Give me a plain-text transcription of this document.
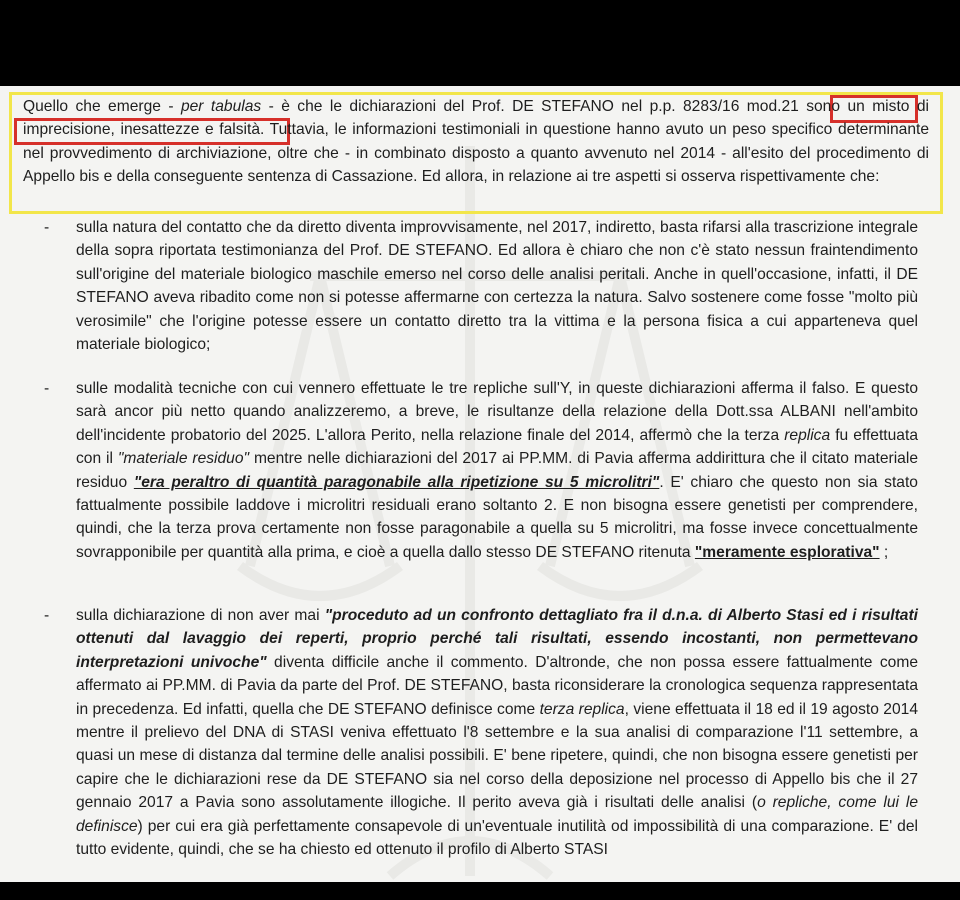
Quello che emerge - per tabulas - è che le dichiarazioni del Prof. DE STEFANO nel p.p. 8283/16 mod.21 sono un misto di imprecisione, inesattezze e falsità. Tuttavia, le informazioni testimoniali in questione hanno avuto un peso specifico determinante nel provvedimento di archiviazione, oltre che - in combinato disposto a quanto avvenuto nel 2014 - all'esito del procedimento di Appello bis e della conseguente sentenza di Cassazione. Ed allora, in relazione ai tre aspetti si osserva rispettivamente che:

- sulla natura del contatto che da diretto diventa improvvisamente, nel 2017, indiretto, basta rifarsi alla trascrizione integrale della sopra riportata testimonianza del Prof. DE STEFANO. Ed allora è chiaro che non c'è stato nessun fraintendimento sull'origine del materiale biologico maschile emerso nel corso delle analisi peritali. Anche in quell'occasione, infatti, il DE STEFANO aveva ribadito come non si potesse affermarne con certezza la natura. Salvo sostenere come fosse "molto più verosimile" che l'origine potesse essere un contatto diretto tra la vittima e la persona fisica a cui apparteneva quel materiale biologico;

- sulle modalità tecniche con cui vennero effettuate le tre repliche sull'Y, in queste dichiarazioni afferma il falso. E questo sarà ancor più netto quando analizzeremo, a breve, le risultanze della relazione della Dott.ssa ALBANI nell'ambito dell'incidente probatorio del 2025. L'allora Perito, nella relazione finale del 2014, affermò che la terza replica fu effettuata con il "materiale residuo" mentre nelle dichiarazioni del 2017 ai PP.MM. di Pavia afferma addirittura che il citato materiale residuo "era peraltro di quantità paragonabile alla ripetizione su 5 microlitri". E' chiaro che questo non sia stato fattualmente possibile laddove i microlitri residuali erano soltanto 2. E non bisogna essere genetisti per comprendere, quindi, che la terza prova certamente non fosse paragonabile a quella su 5 microlitri, ma fosse invece concettualmente sovrapponibile per quantità alla prima, e cioè a quella dallo stesso DE STEFANO ritenuta "meramente esplorativa" ;

- sulla dichiarazione di non aver mai "proceduto ad un confronto dettagliato fra il d.n.a. di Alberto Stasi ed i risultati ottenuti dal lavaggio dei reperti, proprio perché tali risultati, essendo incostanti, non permettevano interpretazioni univoche" diventa difficile anche il commento. D'altronde, che non possa essere fattualmente come affermato ai PP.MM. di Pavia da parte del Prof. DE STEFANO, basta riconsiderare la cronologica sequenza rappresentata in precedenza. Ed infatti, quella che DE STEFANO definisce come terza replica, viene effettuata il 18 ed il 19 agosto 2014 mentre il prelievo del DNA di STASI veniva effettuato l'8 settembre e la sua analisi di comparazione l'11 settembre, a quasi un mese di distanza dal termine delle analisi possibili. E' bene ripetere, quindi, che non bisogna essere genetisti per capire che le dichiarazioni rese da DE STEFANO sia nel corso della deposizione nel processo di Appello bis che il 27 gennaio 2017 a Pavia sono assolutamente illogiche. Il perito aveva già i risultati delle analisi (o repliche, come lui le definisce) per cui era già perfettamente consapevole di un'eventuale inutilità od impossibilità di una comparazione. E' del tutto evidente, quindi, che se ha chiesto ed ottenuto il profilo di Alberto STASI
